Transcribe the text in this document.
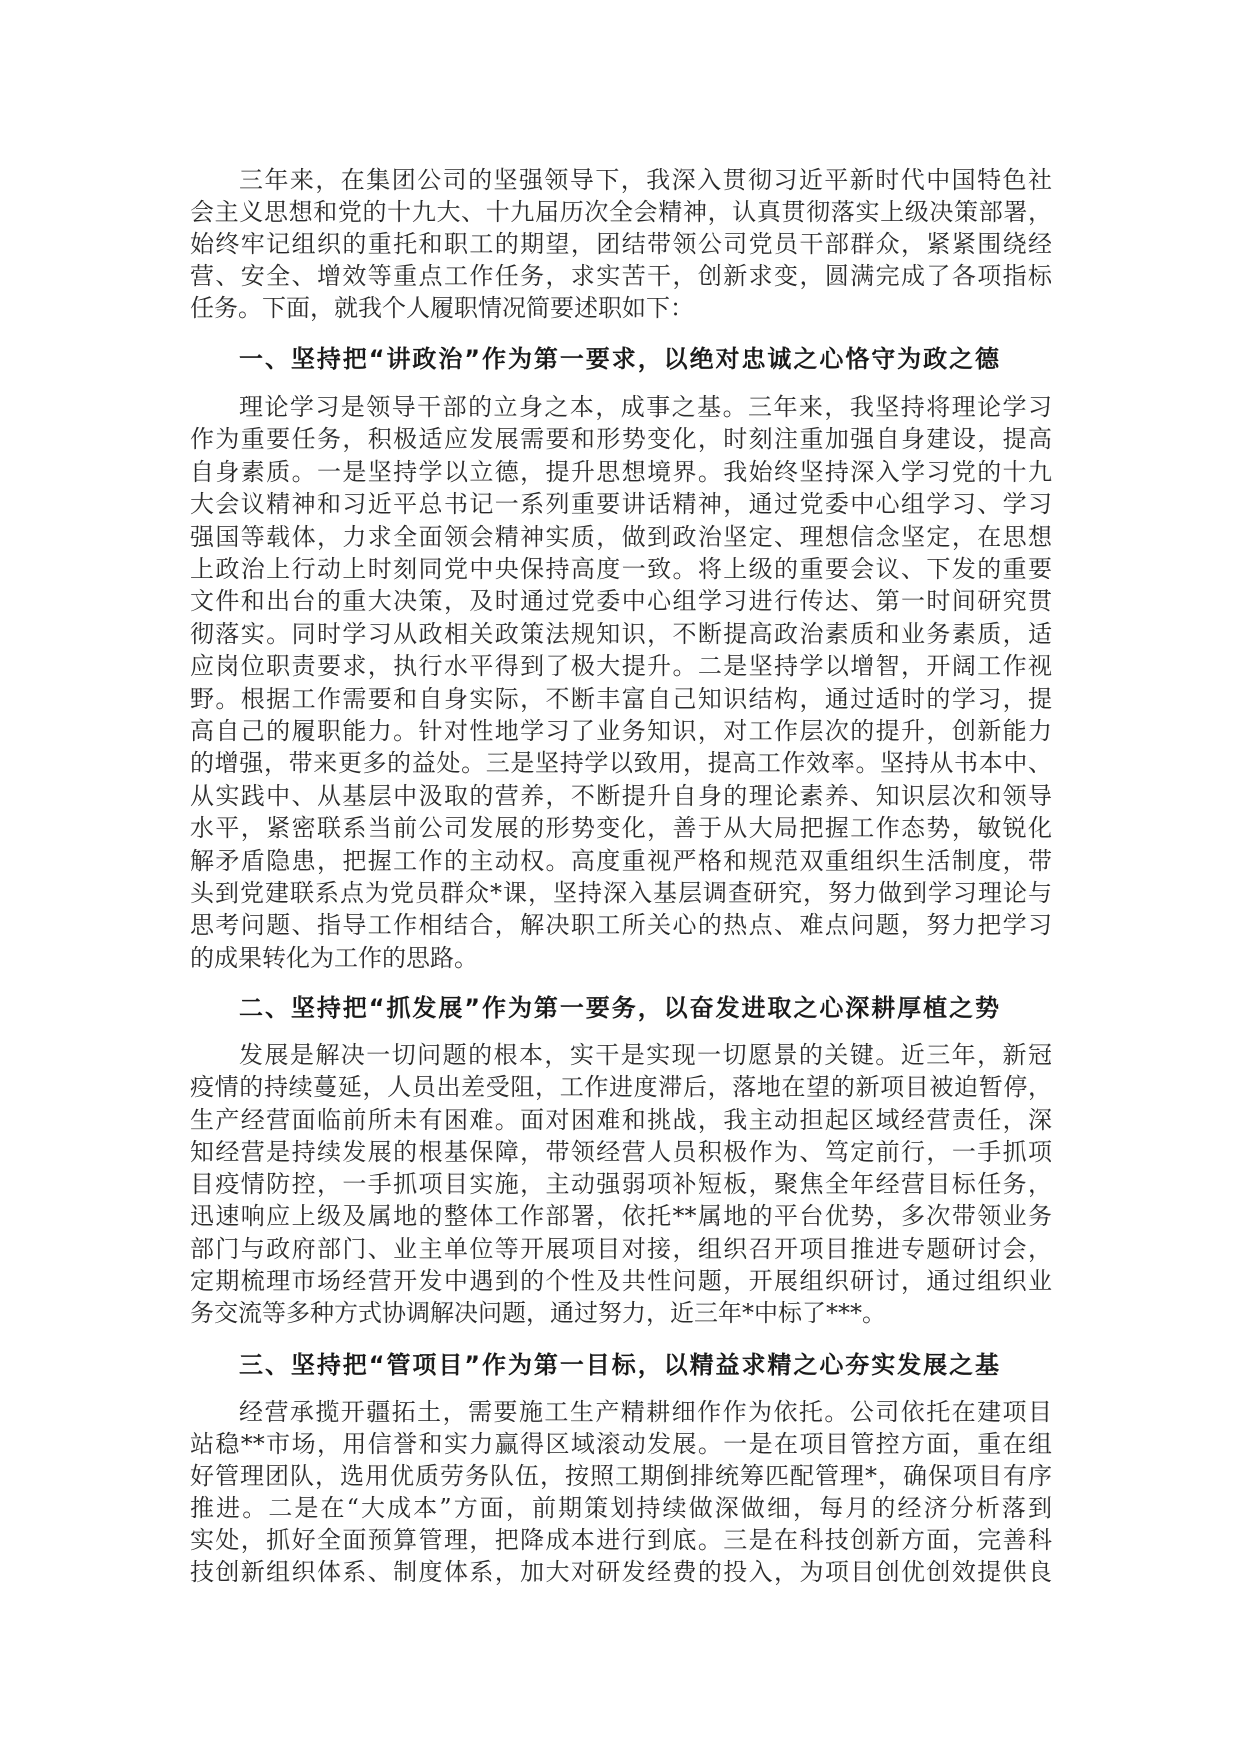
三年来，在集团公司的坚强领导下，我深入贯彻习近平新时代中国特色社
会主义思想和党的十九大、十九届历次全会精神，认真贯彻落实上级决策部署，
始终牢记组织的重托和职工的期望，团结带领公司党员干部群众，紧紧围绕经
营、安全、增效等重点工作任务，求实苦干，创新求变，圆满完成了各项指标
任务。下面，就我个人履职情况简要述职如下：
一、坚持把“讲政治”作为第一要求，以绝对忠诚之心恪守为政之德
理论学习是领导干部的立身之本，成事之基。三年来，我坚持将理论学习
作为重要任务，积极适应发展需要和形势变化，时刻注重加强自身建设，提高
自身素质。一是坚持学以立德，提升思想境界。我始终坚持深入学习党的十九
大会议精神和习近平总书记一系列重要讲话精神，通过党委中心组学习、学习
强国等载体，力求全面领会精神实质，做到政治坚定、理想信念坚定，在思想
上政治上行动上时刻同党中央保持高度一致。将上级的重要会议、下发的重要
文件和出台的重大决策，及时通过党委中心组学习进行传达、第一时间研究贯
彻落实。同时学习从政相关政策法规知识，不断提高政治素质和业务素质，适
应岗位职责要求，执行水平得到了极大提升。二是坚持学以增智，开阔工作视
野。根据工作需要和自身实际，不断丰富自己知识结构，通过适时的学习，提
高自己的履职能力。针对性地学习了业务知识，对工作层次的提升，创新能力
的增强，带来更多的益处。三是坚持学以致用，提高工作效率。坚持从书本中、
从实践中、从基层中汲取的营养，不断提升自身的理论素养、知识层次和领导
水平，紧密联系当前公司发展的形势变化，善于从大局把握工作态势，敏锐化
解矛盾隐患，把握工作的主动权。高度重视严格和规范双重组织生活制度，带
头到党建联系点为党员群众*课，坚持深入基层调查研究，努力做到学习理论与
思考问题、指导工作相结合，解决职工所关心的热点、难点问题，努力把学习
的成果转化为工作的思路。
二、坚持把“抓发展”作为第一要务，以奋发进取之心深耕厚植之势
发展是解决一切问题的根本，实干是实现一切愿景的关键。近三年，新冠
疫情的持续蔓延，人员出差受阻，工作进度滞后，落地在望的新项目被迫暂停，
生产经营面临前所未有困难。面对困难和挑战，我主动担起区域经营责任，深
知经营是持续发展的根基保障，带领经营人员积极作为、笃定前行，一手抓项
目疫情防控，一手抓项目实施，主动强弱项补短板，聚焦全年经营目标任务，
迅速响应上级及属地的整体工作部署，依托**属地的平台优势，多次带领业务
部门与政府部门、业主单位等开展项目对接，组织召开项目推进专题研讨会，
定期梳理市场经营开发中遇到的个性及共性问题，开展组织研讨，通过组织业
务交流等多种方式协调解决问题，通过努力，近三年*中标了***。
三、坚持把“管项目”作为第一目标，以精益求精之心夯实发展之基
经营承揽开疆拓土，需要施工生产精耕细作作为依托。公司依托在建项目
站稳**市场，用信誉和实力赢得区域滚动发展。一是在项目管控方面，重在组
好管理团队，选用优质劳务队伍，按照工期倒排统筹匹配管理*，确保项目有序
推进。二是在“大成本”方面，前期策划持续做深做细，每月的经济分析落到
实处，抓好全面预算管理，把降成本进行到底。三是在科技创新方面，完善科
技创新组织体系、制度体系，加大对研发经费的投入，为项目创优创效提供良
